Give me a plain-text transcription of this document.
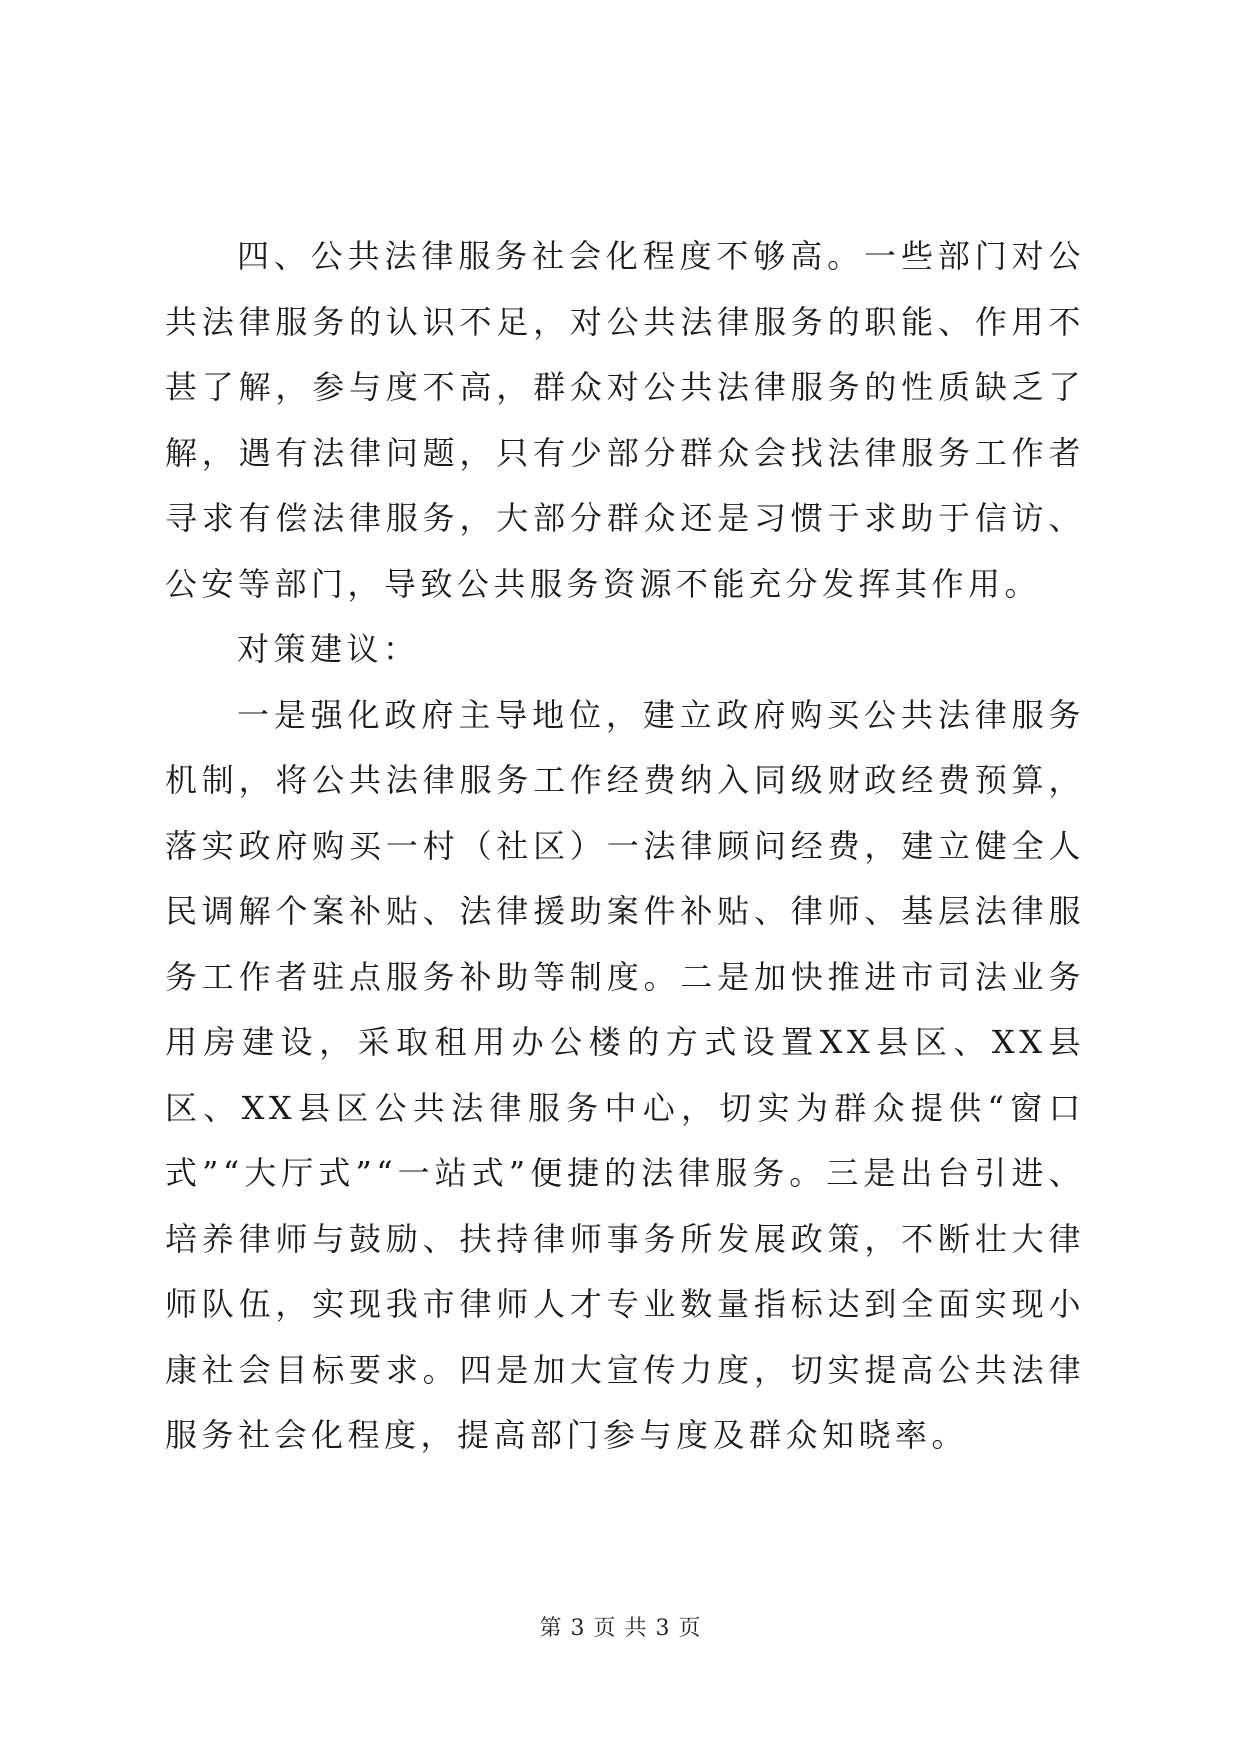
四、公共法律服务社会化程度不够高。一些部门对公共法律服务的认识不足，对公共法律服务的职能、作用不甚了解，参与度不高，群众对公共法律服务的性质缺乏了解，遇有法律问题，只有少部分群众会找法律服务工作者寻求有偿法律服务，大部分群众还是习惯于求助于信访、公安等部门，导致公共服务资源不能充分发挥其作用。

对策建议：

一是强化政府主导地位，建立政府购买公共法律服务机制，将公共法律服务工作经费纳入同级财政经费预算，落实政府购买一村（社区）一法律顾问经费，建立健全人民调解个案补贴、法律援助案件补贴、律师、基层法律服务工作者驻点服务补助等制度。二是加快推进市司法业务用房建设，采取租用办公楼的方式设置XX县区、XX县区、XX县区公共法律服务中心，切实为群众提供“窗口式”“大厅式”“一站式”便捷的法律服务。三是出台引进、培养律师与鼓励、扶持律师事务所发展政策，不断壮大律师队伍，实现我市律师人才专业数量指标达到全面实现小康社会目标要求。四是加大宣传力度，切实提高公共法律服务社会化程度，提高部门参与度及群众知晓率。

第 3 页 共 3 页
